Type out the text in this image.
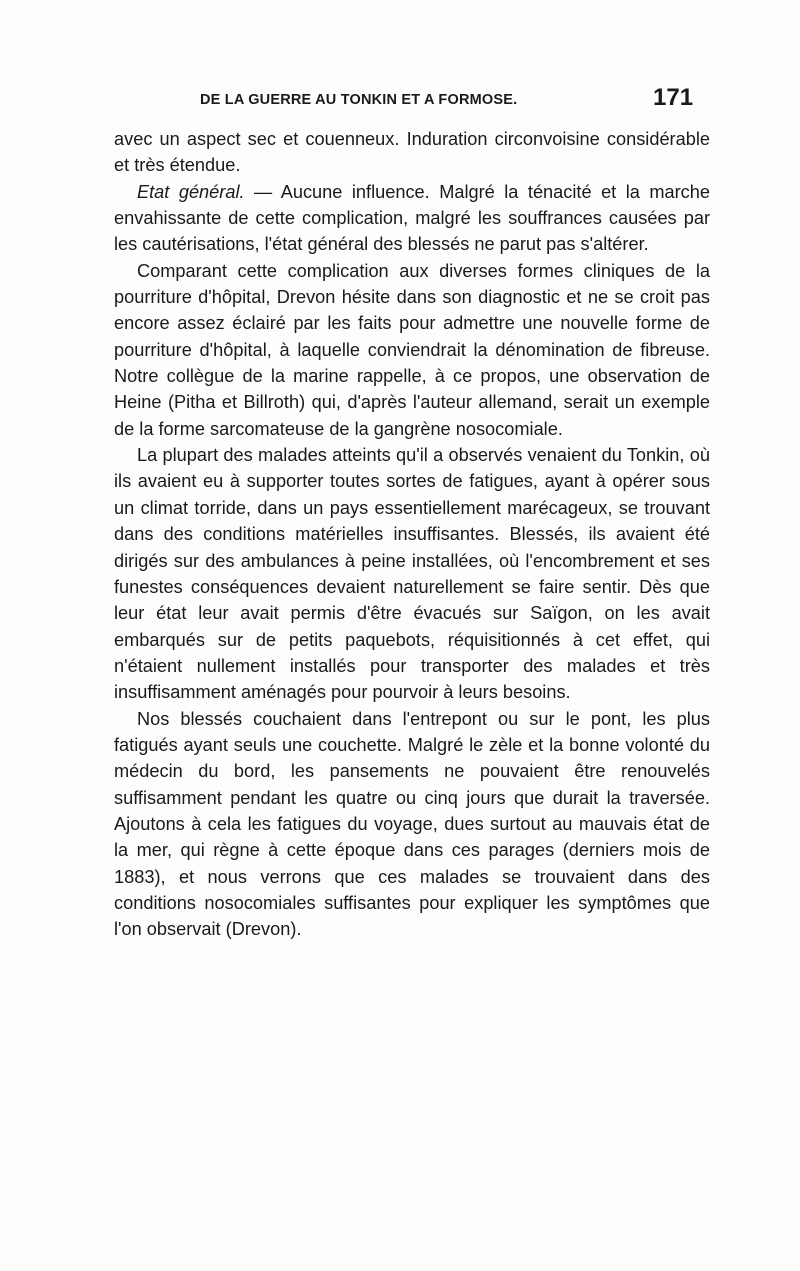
DE LA GUERRE AU TONKIN ET A FORMOSE.	171

avec un aspect sec et couenneux. Induration circonvoisine considérable et très étendue.

Etat général. — Aucune influence. Malgré la ténacité et la marche envahissante de cette complication, malgré les souffrances causées par les cautérisations, l'état général des blessés ne parut pas s'altérer.

Comparant cette complication aux diverses formes cliniques de la pourriture d'hôpital, Drevon hésite dans son diagnostic et ne se croit pas encore assez éclairé par les faits pour admettre une nouvelle forme de pourriture d'hôpital, à laquelle conviendrait la dénomination de fibreuse. Notre collègue de la marine rappelle, à ce propos, une observation de Heine (Pitha et Billroth) qui, d'après l'auteur allemand, serait un exemple de la forme sarcomateuse de la gangrène nosocomiale.

La plupart des malades atteints qu'il a observés venaient du Tonkin, où ils avaient eu à supporter toutes sortes de fatigues, ayant à opérer sous un climat torride, dans un pays essentiellement marécageux, se trouvant dans des conditions matérielles insuffisantes. Blessés, ils avaient été dirigés sur des ambulances à peine installées, où l'encombrement et ses funestes conséquences devaient naturellement se faire sentir. Dès que leur état leur avait permis d'être évacués sur Saïgon, on les avait embarqués sur de petits paquebots, réquisitionnés à cet effet, qui n'étaient nullement installés pour transporter des malades et très insuffisamment aménagés pour pourvoir à leurs besoins.

Nos blessés couchaient dans l'entrepont ou sur le pont, les plus fatigués ayant seuls une couchette. Malgré le zèle et la bonne volonté du médecin du bord, les pansements ne pouvaient être renouvelés suffisamment pendant les quatre ou cinq jours que durait la traversée. Ajoutons à cela les fatigues du voyage, dues surtout au mauvais état de la mer, qui règne à cette époque dans ces parages (derniers mois de 1883), et nous verrons que ces malades se trouvaient dans des conditions nosocomiales suffisantes pour expliquer les symptômes que l'on observait (Drevon).
